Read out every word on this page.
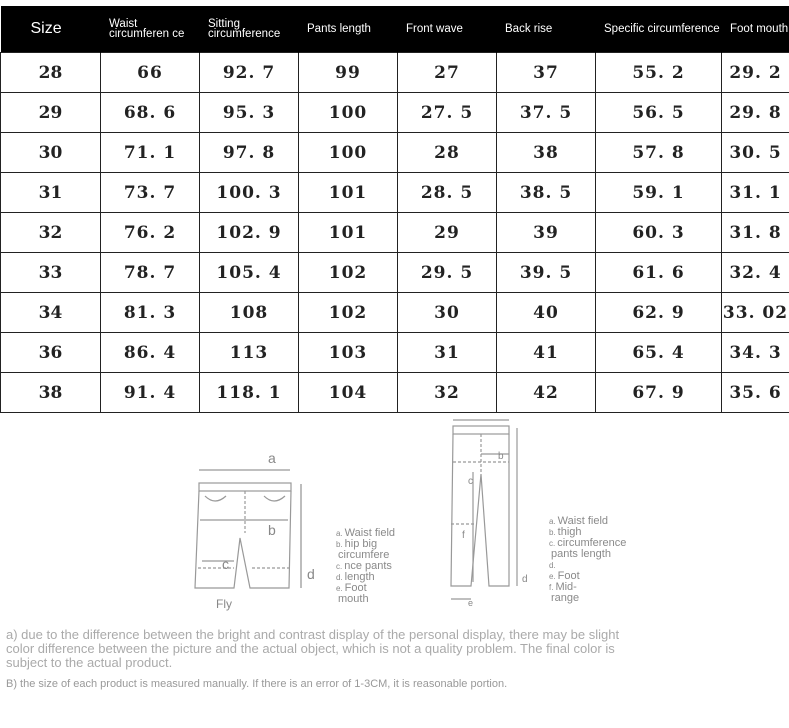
Size	Waist circumferen ce	Sitting circumference	Pants length	Front wave	Back rise	Specific circumference	Foot mouth
28	66	92. 7	99	27	37	55. 2	29. 2
29	68. 6	95. 3	100	27. 5	37. 5	56. 5	29. 8
30	71. 1	97. 8	100	28	38	57. 8	30. 5
31	73. 7	100. 3	101	28. 5	38. 5	59. 1	31. 1
32	76. 2	102. 9	101	29	39	60. 3	31. 8
33	78. 7	105. 4	102	29. 5	39. 5	61. 6	32. 4
34	81. 3	108	102	30	40	62. 9	33. 02
36	86. 4	113	103	31	41	65. 4	34. 3
38	91. 4	118. 1	104	32	42	67. 9	35. 6
a
b
c
d
Fly
a. Waist field
b. hip big
circumfere
c. nce pants
d. length
e. Foot
mouth
b
c
f
d
e
a. Waist field
b. thigh
c. circumference
pants length
d.
e. Foot
f. Mid-
range
a) due to the difference between the bright and contrast display of the personal display, there may be slight color difference between the picture and the actual object, which is not a quality problem. The final color is subject to the actual product.
B) the size of each product is measured manually. If there is an error of 1-3CM, it is reasonable portion.
